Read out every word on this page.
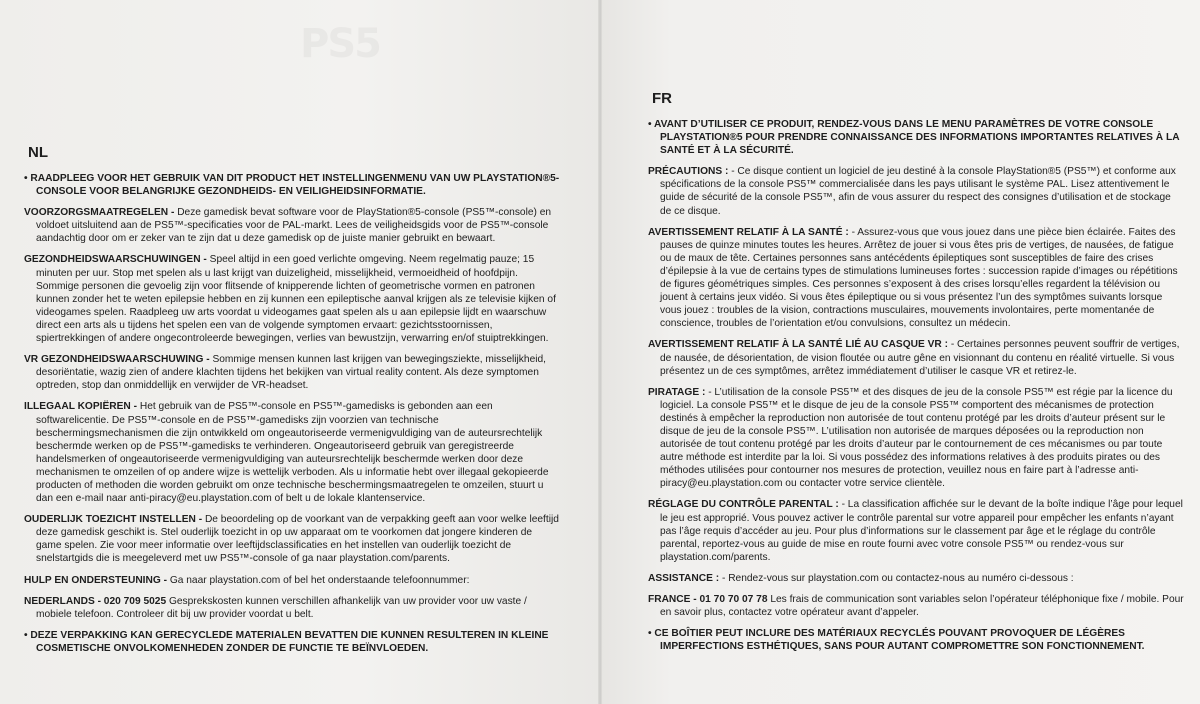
NL
• RAADPLEEG VOOR HET GEBRUIK VAN DIT PRODUCT HET INSTELLINGENMENU VAN UW PLAYSTATION®5-CONSOLE VOOR BELANGRIJKE GEZONDHEIDS- EN VEILIGHEIDSINFORMATIE.
VOORZORGSMAATREGELEN - Deze gamedisk bevat software voor de PlayStation®5-console (PS5™-console) en voldoet uitsluitend aan de PS5™-specificaties voor de PAL-markt. Lees de veiligheidsgids voor de PS5™-console aandachtig door om er zeker van te zijn dat u deze gamedisk op de juiste manier gebruikt en bewaart.
GEZONDHEIDSWAARSCHUWINGEN - Speel altijd in een goed verlichte omgeving. Neem regelmatig pauze; 15 minuten per uur. Stop met spelen als u last krijgt van duizeligheid, misselijkheid, vermoeidheid of hoofdpijn. Sommige personen die gevoelig zijn voor flitsende of knipperende lichten of geometrische vormen en patronen kunnen zonder het te weten epilepsie hebben en zij kunnen een epileptische aanval krijgen als ze televisie kijken of videogames spelen. Raadpleeg uw arts voordat u videogames gaat spelen als u aan epilepsie lijdt en waarschuw direct een arts als u tijdens het spelen een van de volgende symptomen ervaart: gezichtsstoornissen, spiertrekkingen of andere ongecontroleerde bewegingen, verlies van bewustzijn, verwarring en/of stuiptrekkingen.
VR GEZONDHEIDSWAARSCHUWING - Sommige mensen kunnen last krijgen van bewegingsziekte, misselijkheid, desoriëntatie, wazig zien of andere klachten tijdens het bekijken van virtual reality content. Als deze symptomen optreden, stop dan onmiddellijk en verwijder de VR-headset.
ILLEGAAL KOPIËREN - Het gebruik van de PS5™-console en PS5™-gamedisks is gebonden aan een softwarelicentie. De PS5™-console en de PS5™-gamedisks zijn voorzien van technische beschermingsmechanismen die zijn ontwikkeld om ongeautoriseerde vermenigvuldiging van de auteursrechtelijk beschermde werken op de PS5™-gamedisks te verhinderen. Ongeautoriseerd gebruik van geregistreerde handelsmerken of ongeautoriseerde vermenigvuldiging van auteursrechtelijk beschermde werken door deze mechanismen te omzeilen of op andere wijze is wettelijk verboden. Als u informatie hebt over illegaal gekopieerde producten of methoden die worden gebruikt om onze technische beschermingsmaatregelen te omzeilen, stuurt u dan een e-mail naar anti-piracy@eu.playstation.com of belt u de lokale klantenservice.
OUDERLIJK TOEZICHT INSTELLEN - De beoordeling op de voorkant van de verpakking geeft aan voor welke leeftijd deze gamedisk geschikt is. Stel ouderlijk toezicht in op uw apparaat om te voorkomen dat jongere kinderen de game spelen. Zie voor meer informatie over leeftijdsclassificaties en het instellen van ouderlijk toezicht de snelstartgids die is meegeleverd met uw PS5™-console of ga naar playstation.com/parents.
HULP EN ONDERSTEUNING - Ga naar playstation.com of bel het onderstaande telefoonnummer:
NEDERLANDS - 020 709 5025 Gesprekskosten kunnen verschillen afhankelijk van uw provider voor uw vaste / mobiele telefoon. Controleer dit bij uw provider voordat u belt.
• DEZE VERPAKKING KAN GERECYCLEDE MATERIALEN BEVATTEN DIE KUNNEN RESULTEREN IN KLEINE COSMETISCHE ONVOLKOMENHEDEN ZONDER DE FUNCTIE TE BEÏNVLOEDEN.
FR
• AVANT D’UTILISER CE PRODUIT, RENDEZ-VOUS DANS LE MENU PARAMÈTRES DE VOTRE CONSOLE PLAYSTATION®5 POUR PRENDRE CONNAISSANCE DES INFORMATIONS IMPORTANTES RELATIVES À LA SANTÉ ET À LA SÉCURITÉ.
PRÉCAUTIONS : - Ce disque contient un logiciel de jeu destiné à la console PlayStation®5 (PS5™) et conforme aux spécifications de la console PS5™ commercialisée dans les pays utilisant le système PAL. Lisez attentivement le guide de sécurité de la console PS5™, afin de vous assurer du respect des consignes d’utilisation et de stockage de ce disque.
AVERTISSEMENT RELATIF À LA SANTÉ : - Assurez-vous que vous jouez dans une pièce bien éclairée. Faites des pauses de quinze minutes toutes les heures. Arrêtez de jouer si vous êtes pris de vertiges, de nausées, de fatigue ou de maux de tête. Certaines personnes sans antécédents épileptiques sont susceptibles de faire des crises d’épilepsie à la vue de certains types de stimulations lumineuses fortes : succession rapide d’images ou répétitions de figures géométriques simples. Ces personnes s’exposent à des crises lorsqu’elles regardent la télévision ou jouent à certains jeux vidéo. Si vous êtes épileptique ou si vous présentez l’un des symptômes suivants lorsque vous jouez : troubles de la vision, contractions musculaires, mouvements involontaires, perte momentanée de conscience, troubles de l’orientation et/ou convulsions, consultez un médecin.
AVERTISSEMENT RELATIF À LA SANTÉ LIÉ AU CASQUE VR : - Certaines personnes peuvent souffrir de vertiges, de nausée, de désorientation, de vision floutée ou autre gêne en visionnant du contenu en réalité virtuelle. Si vous présentez un de ces symptômes, arrêtez immédiatement d’utiliser le casque VR et retirez-le.
PIRATAGE : - L’utilisation de la console PS5™ et des disques de jeu de la console PS5™ est régie par la licence du logiciel. La console PS5™ et le disque de jeu de la console PS5™ comportent des mécanismes de protection destinés à empêcher la reproduction non autorisée de tout contenu protégé par les droits d’auteur présent sur le disque de jeu de la console PS5™. L’utilisation non autorisée de marques déposées ou la reproduction non autorisée de tout contenu protégé par les droits d’auteur par le contournement de ces mécanismes ou par toute autre méthode est interdite par la loi. Si vous possédez des informations relatives à des produits pirates ou des méthodes utilisées pour contourner nos mesures de protection, veuillez nous en faire part à l’adresse anti-piracy@eu.playstation.com ou contacter votre service clientèle.
RÉGLAGE DU CONTRÔLE PARENTAL : - La classification affichée sur le devant de la boîte indique l’âge pour lequel le jeu est approprié. Vous pouvez activer le contrôle parental sur votre appareil pour empêcher les enfants n’ayant pas l’âge requis d’accéder au jeu. Pour plus d’informations sur le classement par âge et le réglage du contrôle parental, reportez-vous au guide de mise en route fourni avec votre console PS5™ ou rendez-vous sur playstation.com/parents.
ASSISTANCE : - Rendez-vous sur playstation.com ou contactez-nous au numéro ci-dessous :
FRANCE - 01 70 70 07 78 Les frais de communication sont variables selon l’opérateur téléphonique fixe / mobile. Pour en savoir plus, contactez votre opérateur avant d’appeler.
• CE BOÎTIER PEUT INCLURE DES MATÉRIAUX RECYCLÉS POUVANT PROVOQUER DE LÉGÈRES IMPERFECTIONS ESTHÉTIQUES, SANS POUR AUTANT COMPROMETTRE SON FONCTIONNEMENT.
